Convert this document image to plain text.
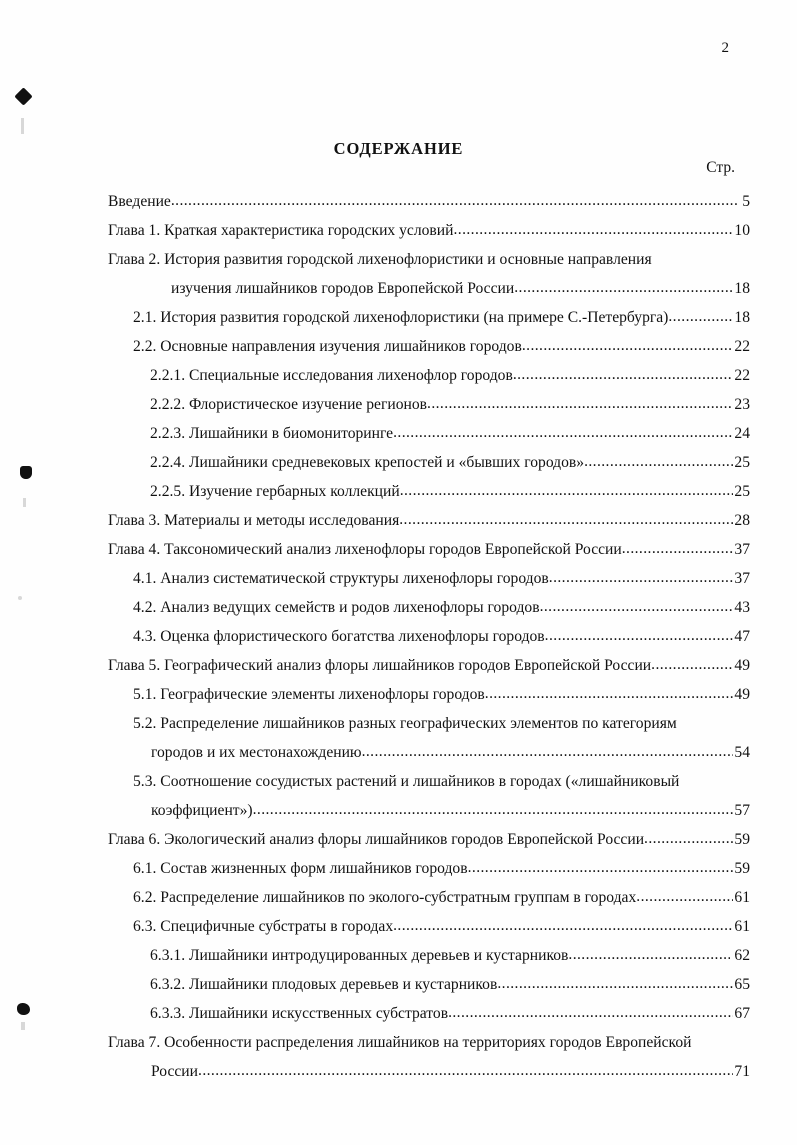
2
СОДЕРЖАНИЕ
Стр.
Введение .....	5
Глава 1. Краткая характеристика городских условий .....	10
Глава 2. История развития городской лихенофлористики и основные направления
изучения лишайников городов Европейской России .....	18
2.1. История развития городской лихенофлористики (на примере С.-Петербурга) .....	18
2.2. Основные направления изучения лишайников городов .....	22
2.2.1. Специальные исследования лихенофлор городов .....	22
2.2.2. Флористическое изучение регионов .....	23
2.2.3. Лишайники в биомониторинге .....	24
2.2.4. Лишайники средневековых крепостей и «бывших городов» .....	25
2.2.5. Изучение гербарных коллекций .....	25
Глава 3. Материалы и методы исследования .....	28
Глава 4. Таксономический анализ лихенофлоры городов Европейской России .....	37
4.1. Анализ систематической структуры лихенофлоры городов .....	37
4.2. Анализ ведущих семейств и родов лихенофлоры городов .....	43
4.3. Оценка флористического богатства лихенофлоры городов .....	47
Глава 5. Географический анализ флоры лишайников городов Европейской России .....	49
5.1. Географические элементы лихенофлоры городов .....	49
5.2. Распределение лишайников разных географических элементов по категориям
городов и их местонахождению .....	54
5.3. Соотношение сосудистых растений и лишайников в городах («лишайниковый
коэффициент») .....	57
Глава 6. Экологический анализ флоры лишайников городов Европейской России .....	59
6.1. Состав жизненных форм лишайников городов .....	59
6.2. Распределение лишайников по эколого-субстратным группам в городах .....	61
6.3. Специфичные субстраты в городах .....	61
6.3.1. Лишайники интродуцированных деревьев и кустарников .....	62
6.3.2. Лишайники плодовых деревьев и кустарников .....	65
6.3.3. Лишайники искусственных субстратов .....	67
Глава 7. Особенности распределения лишайников на территориях городов Европейской
России .....	71
